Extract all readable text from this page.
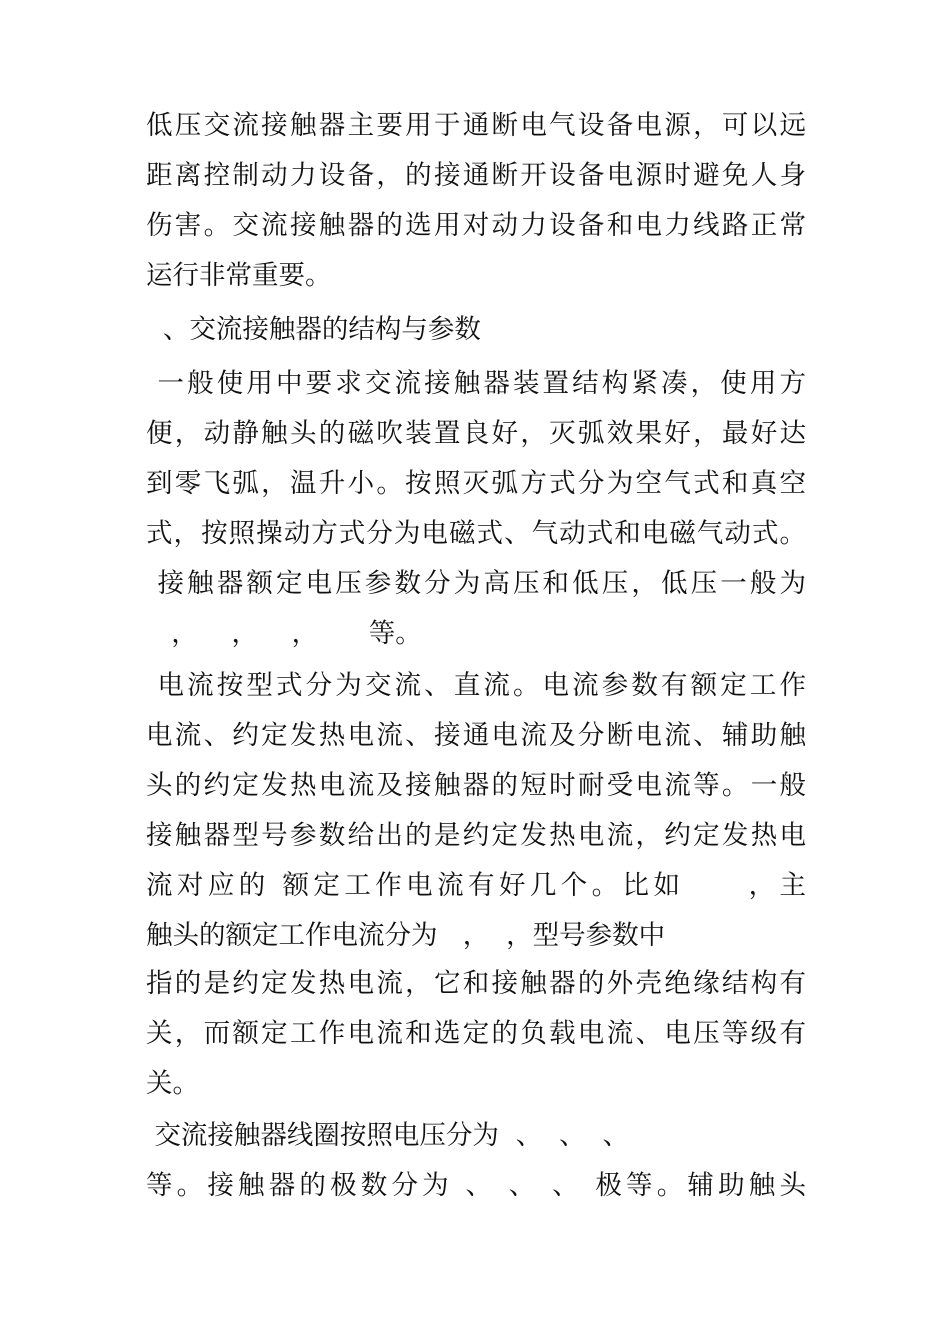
低压交流接触器主要用于通断电气设备电源，可以远
距离控制动力设备，的接通断开设备电源时避免人身
伤害。交流接触器的选用对动力设备和电力线路正常
运行非常重要。
、交流接触器的结构与参数
一般使用中要求交流接触器装置结构紧凑，使用方
便，动静触头的磁吹装置良好，灭弧效果好，最好达
到零飞弧，温升小。按照灭弧方式分为空气式和真空
式，按照操动方式分为电磁式、气动式和电磁气动式。
接触器额定电压参数分为高压和低压，低压一般为
，    ，    ，      等。
电流按型式分为交流、直流。电流参数有额定工作
电流、约定发热电流、接通电流及分断电流、辅助触
头的约定发热电流及接触器的短时耐受电流等。一般
接触器型号参数给出的是约定发热电流，约定发热电
流对应的 额定工作电流有好几个。比如     ，主
触头的额定工作电流分为   ，  ，型号参数中
指的是约定发热电流，它和接触器的外壳绝缘结构有
关，而额定工作电流和选定的负载电流、电压等级有
关。
交流接触器线圈按照电压分为  、  、  、
等。接触器的极数分为 、 、 、 极等。辅助触头
